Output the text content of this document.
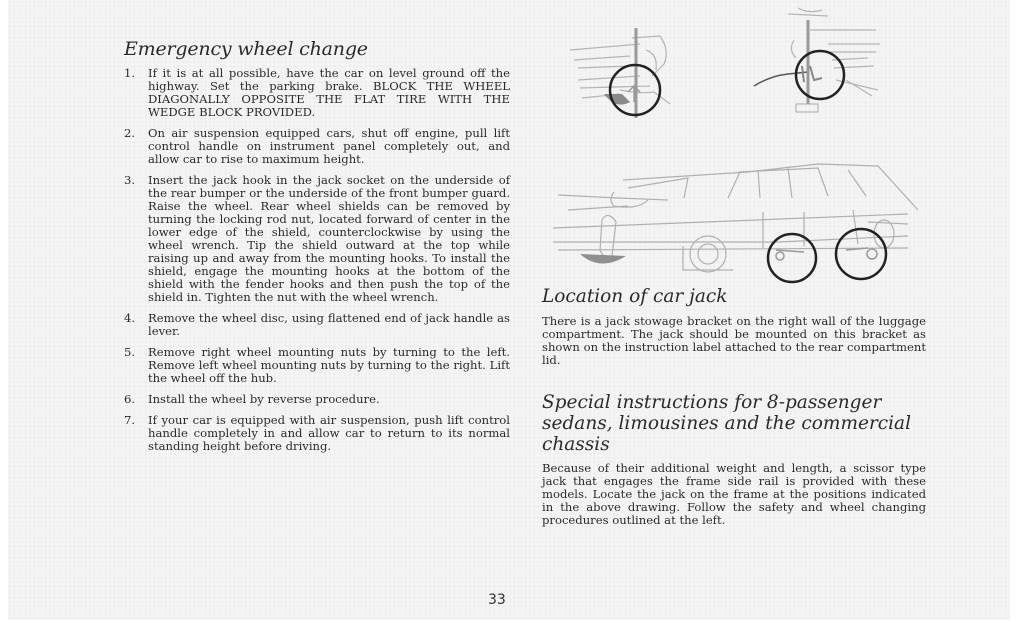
Emergency wheel change
1.	If it is at all possible, have the car on level ground off the highway. Set the parking brake. BLOCK THE WHEEL DIAGONALLY OPPOSITE THE FLAT TIRE WITH THE WEDGE BLOCK PROVIDED.
2.	On air suspension equipped cars, shut off engine, pull lift control handle on instrument panel completely out, and allow car to rise to maximum height.
3.	Insert the jack hook in the jack socket on the underside of the rear bumper or the underside of the front bumper guard. Raise the wheel. Rear wheel shields can be removed by turning the locking rod nut, located forward of center in the lower edge of the shield, counterclockwise by using the wheel wrench. Tip the shield outward at the top while raising up and away from the mounting hooks. To install the shield, engage the mounting hooks at the bottom of the shield with the fender hooks and then push the top of the shield in. Tighten the nut with the wheel wrench.
4.	Remove the wheel disc, using flattened end of jack handle as lever.
5.	Remove right wheel mounting nuts by turning to the left. Remove left wheel mounting nuts by turning to the right. Lift the wheel off the hub.
6.	Install the wheel by reverse procedure.
7.	If your car is equipped with air suspension, push lift control handle completely in and allow car to return to its normal standing height before driving.
Location of car jack

There is a jack stowage bracket on the right wall of the luggage compartment. The jack should be mounted on this bracket as shown on the instruction label attached to the rear compartment lid.

Special instructions for 8-passenger sedans, limousines and the commercial chassis

Because of their additional weight and length, a scissor type jack that engages the frame side rail is provided with these models. Locate the jack on the frame at the positions indicated in the above drawing. Follow the safety and wheel changing procedures outlined at the left.

33
